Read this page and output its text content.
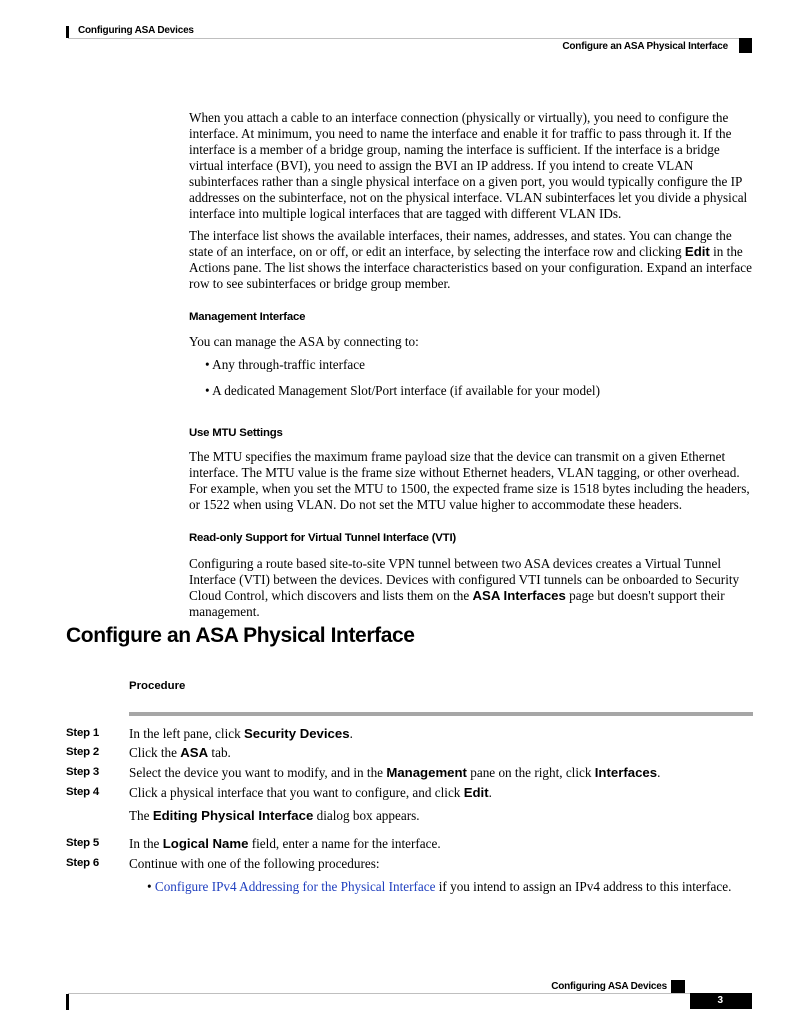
Configuring ASA Devices
Configure an ASA Physical Interface

When you attach a cable to an interface connection (physically or virtually), you need to configure the interface. At minimum, you need to name the interface and enable it for traffic to pass through it. If the interface is a member of a bridge group, naming the interface is sufficient. If the interface is a bridge virtual interface (BVI), you need to assign the BVI an IP address. If you intend to create VLAN subinterfaces rather than a single physical interface on a given port, you would typically configure the IP addresses on the subinterface, not on the physical interface. VLAN subinterfaces let you divide a physical interface into multiple logical interfaces that are tagged with different VLAN IDs.

The interface list shows the available interfaces, their names, addresses, and states. You can change the state of an interface, on or off, or edit an interface, by selecting the interface row and clicking Edit in the Actions pane. The list shows the interface characteristics based on your configuration. Expand an interface row to see subinterfaces or bridge group member.

Management Interface
You can manage the ASA by connecting to:
• Any through-traffic interface
• A dedicated Management Slot/Port interface (if available for your model)
Use MTU Settings

The MTU specifies the maximum frame payload size that the device can transmit on a given Ethernet interface. The MTU value is the frame size without Ethernet headers, VLAN tagging, or other overhead. For example, when you set the MTU to 1500, the expected frame size is 1518 bytes including the headers, or 1522 when using VLAN. Do not set the MTU value higher to accommodate these headers.

Read-only Support for Virtual Tunnel Interface (VTI)

Configuring a route based site-to-site VPN tunnel between two ASA devices creates a Virtual Tunnel Interface (VTI) between the devices. Devices with configured VTI tunnels can be onboarded to Security Cloud Control, which discovers and lists them on the ASA Interfaces page but doesn't support their management.

Configure an ASA Physical Interface
Procedure
Step 1 In the left pane, click Security Devices.
Step 2 Click the ASA tab.
Step 3 Select the device you want to modify, and in the Management pane on the right, click Interfaces.
Step 4 Click a physical interface that you want to configure, and click Edit.
The Editing Physical Interface dialog box appears.
Step 5 In the Logical Name field, enter a name for the interface.
Step 6 Continue with one of the following procedures:
• Configure IPv4 Addressing for the Physical Interface if you intend to assign an IPv4 address to this interface.
Configuring ASA Devices
3
